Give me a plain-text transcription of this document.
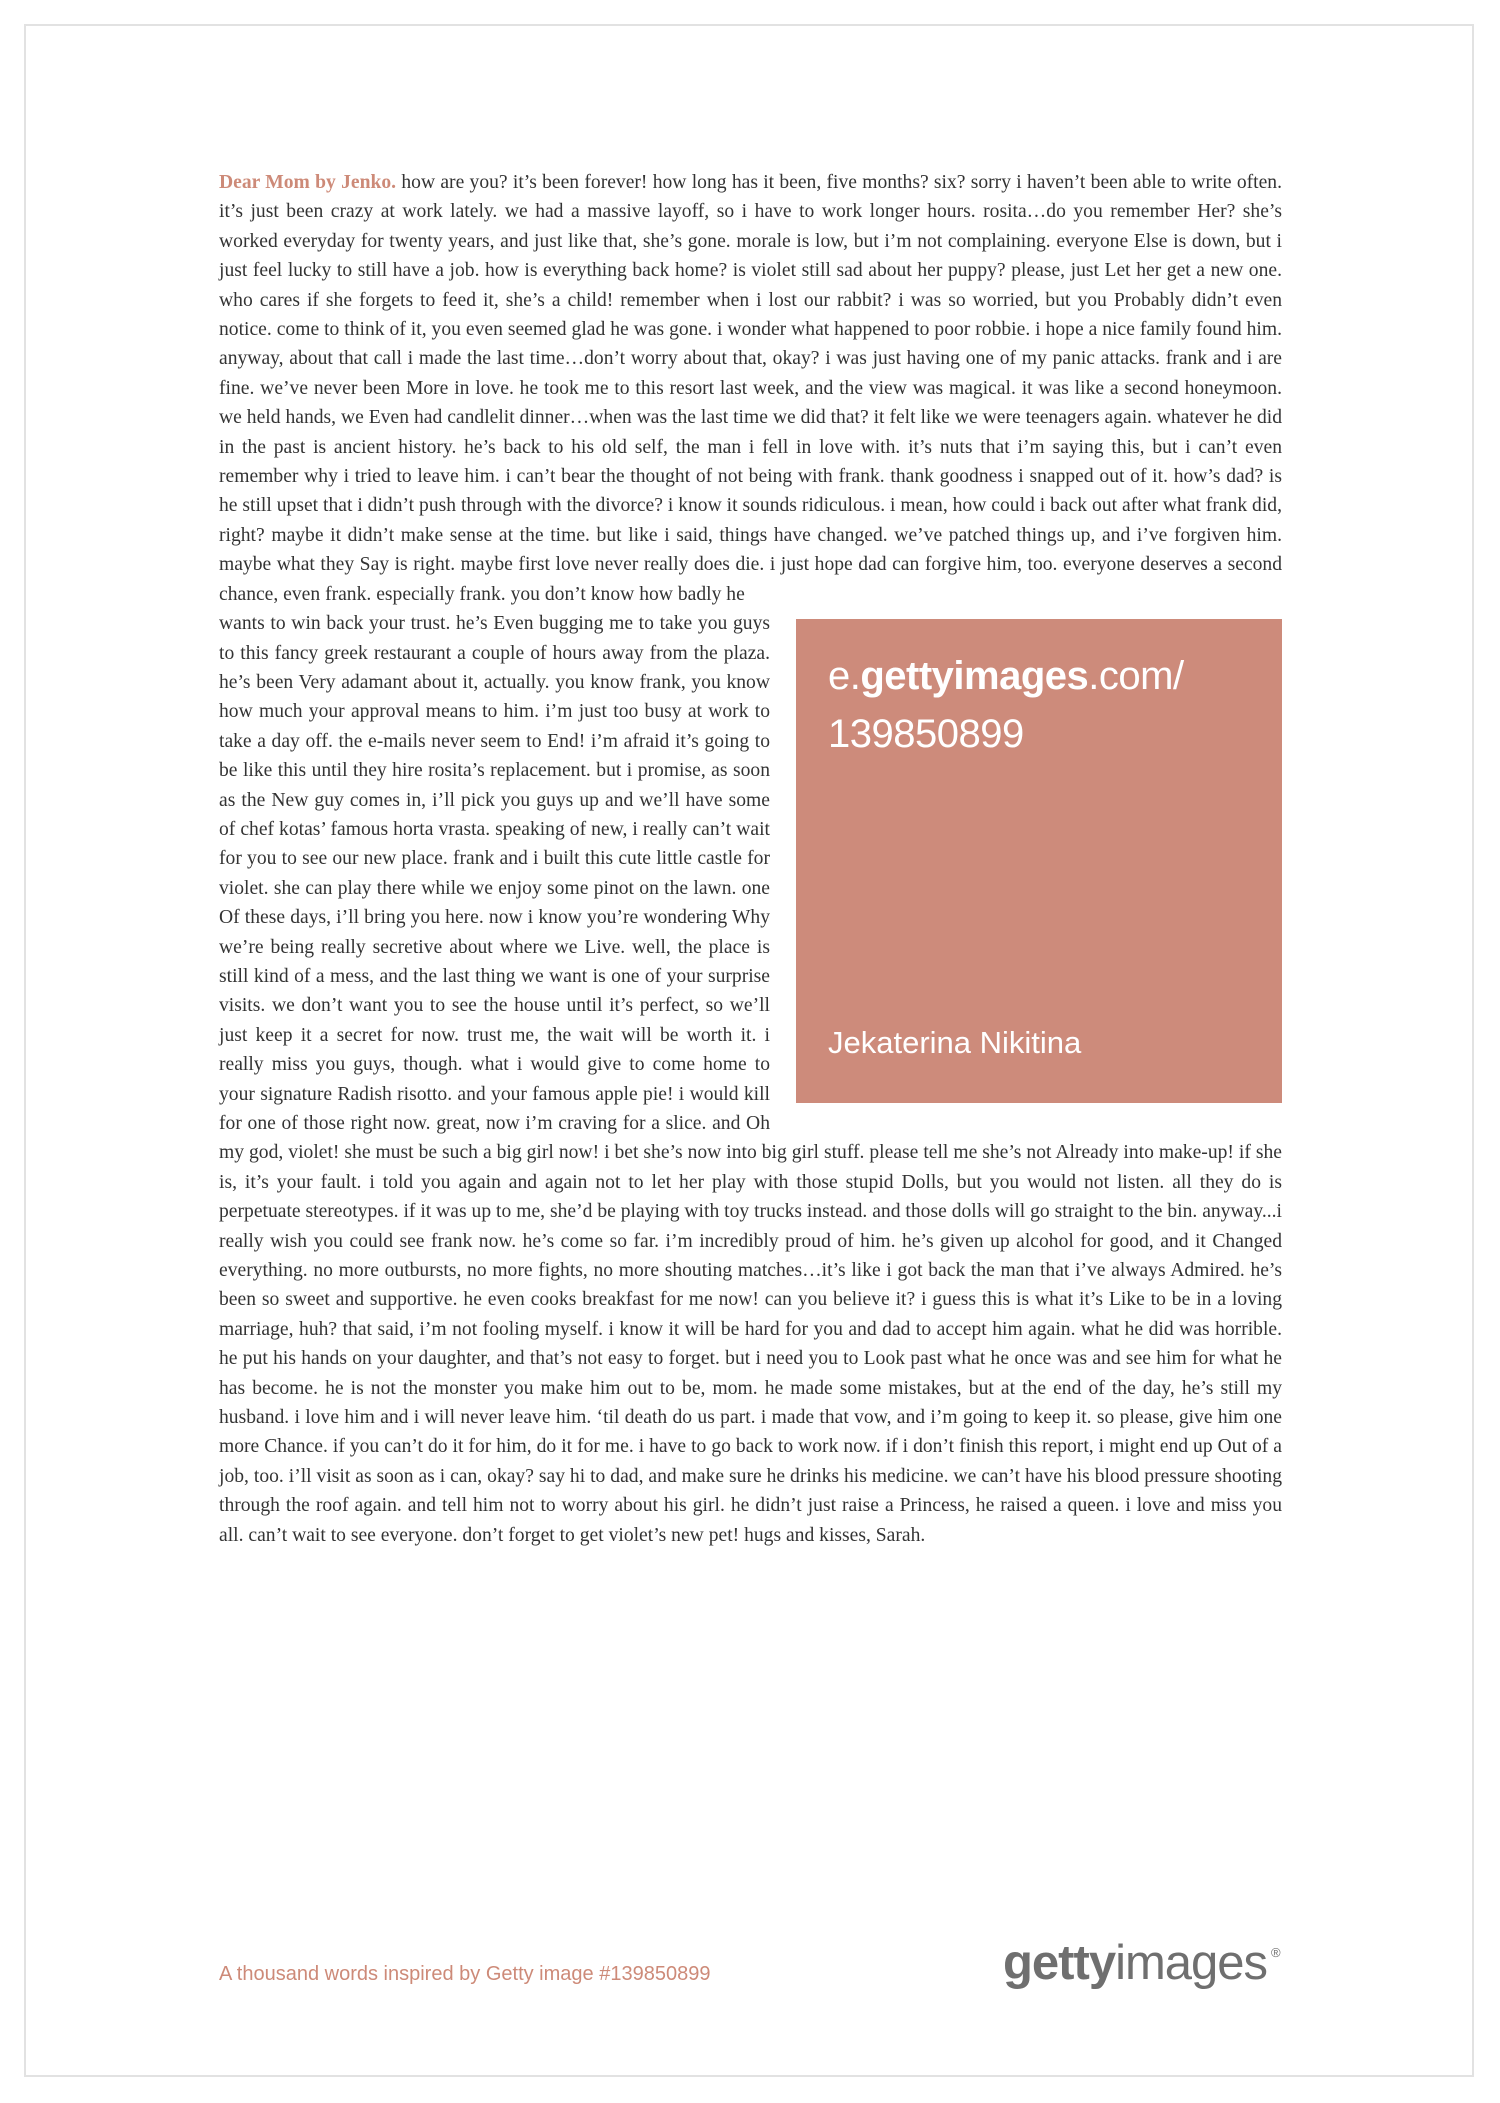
Dear Mom by Jenko. how are you? it’s been forever! how long has it been, five months? six? sorry i haven’t been able to write often. it’s just been crazy at work lately. we had a massive layoff, so i have to work longer hours. rosita…do you remember Her? she’s worked everyday for twenty years, and just like that, she’s gone. morale is low, but i’m not complaining. everyone Else is down, but i just feel lucky to still have a job. how is everything back home? is violet still sad about her puppy? please, just Let her get a new one. who cares if she forgets to feed it, she’s a child! remember when i lost our rabbit? i was so worried, but you Probably didn’t even notice. come to think of it, you even seemed glad he was gone. i wonder what happened to poor robbie. i hope a nice family found him. anyway, about that call i made the last time…don’t worry about that, okay? i was just having one of my panic attacks. frank and i are fine. we’ve never been More in love. he took me to this resort last week, and the view was magical. it was like a second honeymoon. we held hands, we Even had candlelit dinner…when was the last time we did that? it felt like we were teenagers again. whatever he did in the past is ancient history. he’s back to his old self, the man i fell in love with. it’s nuts that i’m saying this, but i can’t even remember why i tried to leave him. i can’t bear the thought of not being with frank. thank goodness i snapped out of it. how’s dad? is he still upset that i didn’t push through with the divorce? i know it sounds ridiculous. i mean, how could i back out after what frank did, right? maybe it didn’t make sense at the time. but like i said, things have changed. we’ve patched things up, and i’ve forgiven him. maybe what they Say is right. maybe first love never really does die. i just hope dad can forgive him, too. everyone deserves a second chance, even frank. especially frank. you don’t know how badly he

e.gettyimages.com/
139850899
Jekaterina Nikitina

wants to win back your trust. he’s Even bugging me to take you guys to this fancy greek restaurant a couple of hours away from the plaza. he’s been Very adamant about it, actually. you know frank, you know how much your approval means to him. i’m just too busy at work to take a day off. the e-mails never seem to End! i’m afraid it’s going to be like this until they hire rosita’s replacement. but i promise, as soon as the New guy comes in, i’ll pick you guys up and we’ll have some of chef kotas’ famous horta vrasta. speaking of new, i really can’t wait for you to see our new place. frank and i built this cute little castle for violet. she can play there while we enjoy some pinot on the lawn. one Of these days, i’ll bring you here. now i know you’re wondering Why we’re being really secretive about where we Live. well, the place is still kind of a mess, and the last thing we want is one of your surprise visits. we don’t want you to see the house until it’s perfect, so we’ll just keep it a secret for now. trust me, the wait will be worth it. i really miss you guys, though. what i would give to come home to your signature Radish risotto. and your famous apple pie! i would kill for one of those right now. great, now i’m craving for a slice. and Oh my god, violet! she must be such a big girl now! i bet she’s now into big girl stuff. please tell me she’s not Already into make-up! if she is, it’s your fault. i told you again and again not to let her play with those stupid Dolls, but you would not listen. all they do is perpetuate stereotypes. if it was up to me, she’d be playing with toy trucks instead. and those dolls will go straight to the bin. anyway...i really wish you could see frank now. he’s come so far. i’m incredibly proud of him. he’s given up alcohol for good, and it Changed everything. no more outbursts, no more fights, no more shouting matches…it’s like i got back the man that i’ve always Admired. he’s been so sweet and supportive. he even cooks breakfast for me now! can you believe it? i guess this is what it’s Like to be in a loving marriage, huh? that said, i’m not fooling myself. i know it will be hard for you and dad to accept him again. what he did was horrible. he put his hands on your daughter, and that’s not easy to forget. but i need you to Look past what he once was and see him for what he has become. he is not the monster you make him out to be, mom. he made some mistakes, but at the end of the day, he’s still my husband. i love him and i will never leave him. ‘til death do us part. i made that vow, and i’m going to keep it. so please, give him one more Chance. if you can’t do it for him, do it for me. i have to go back to work now. if i don’t finish this report, i might end up Out of a job, too. i’ll visit as soon as i can, okay? say hi to dad, and make sure he drinks his medicine. we can’t have his blood pressure shooting through the roof again. and tell him not to worry about his girl. he didn’t just raise a Princess, he raised a queen. i love and miss you all. can’t wait to see everyone. don’t forget to get violet’s new pet! hugs and kisses, Sarah.

A thousand words inspired by Getty image #139850899	gettyimages ®
